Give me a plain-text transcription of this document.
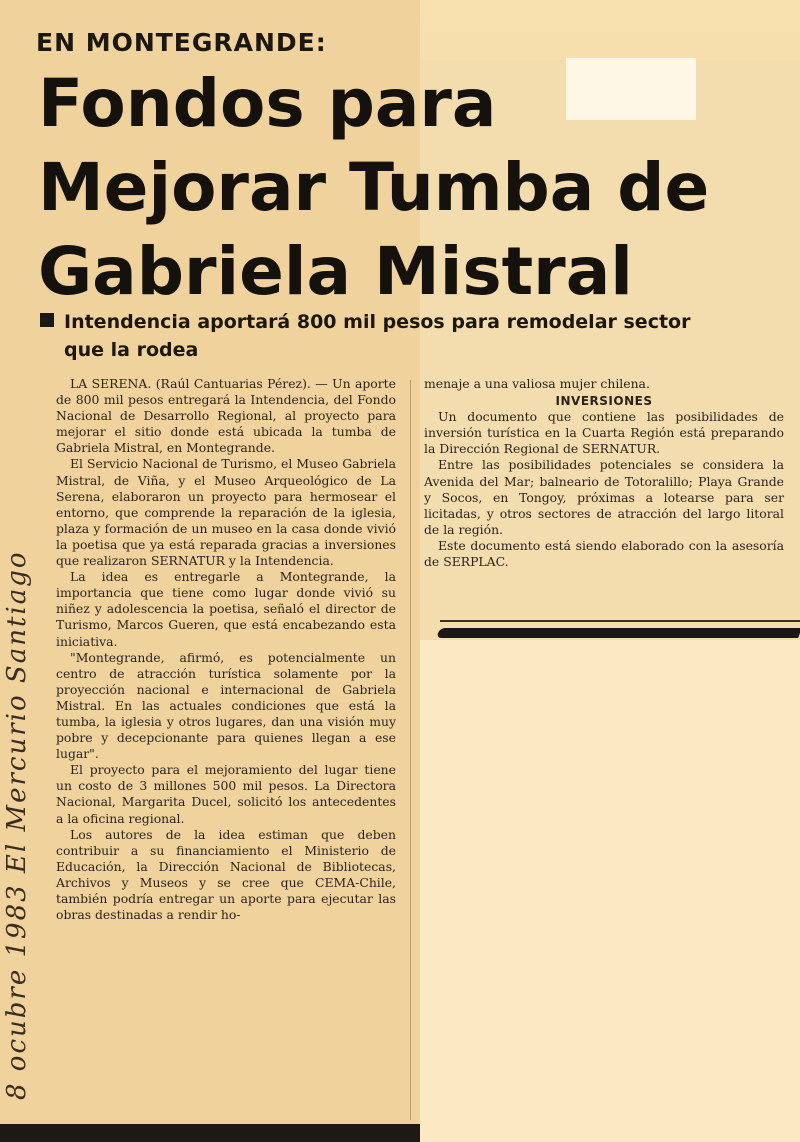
8 ocubre 1983 El Mercurio Santiago
EN MONTEGRANDE:
Fondos para
Mejorar Tumba de
Gabriela Mistral
Intendencia aportará 800 mil pesos para remodelar sector
que la rodea

LA SERENA. (Raúl Cantuarias Pérez). — Un aporte de 800 mil pesos entregará la Intendencia, del Fondo Nacional de Desarrollo Regional, al proyecto para mejorar el sitio donde está ubicada la tumba de Gabriela Mistral, en Montegrande.

El Servicio Nacional de Turismo, el Museo Gabriela Mistral, de Viña, y el Museo Arqueológico de La Serena, elaboraron un proyecto para hermosear el entorno, que comprende la reparación de la iglesia, plaza y formación de un museo en la casa donde vivió la poetisa que ya está reparada gracias a inversiones que realizaron SERNATUR y la Intendencia.

La idea es entregarle a Montegrande, la importancia que tiene como lugar donde vivió su niñez y adolescencia la poetisa, señaló el director de Turismo, Marcos Gueren, que está encabezando esta iniciativa.

"Montegrande, afirmó, es potencialmente un centro de atracción turística solamente por la proyección nacional e internacional de Gabriela Mistral. En las actuales condiciones que está la tumba, la iglesia y otros lugares, dan una visión muy pobre y decepcionante para quienes llegan a ese lugar".

El proyecto para el mejoramiento del lugar tiene un costo de 3 millones 500 mil pesos. La Directora Nacional, Margarita Ducel, solicitó los antecedentes a la oficina regional.

Los autores de la idea estiman que deben contribuir a su financiamiento el Ministerio de Educación, la Dirección Nacional de Bibliotecas, Archivos y Museos y se cree que CEMA-Chile, también podría entregar un aporte para ejecutar las obras destinadas a rendir ho-

menaje a una valiosa mujer chilena.

INVERSIONES

Un documento que contiene las posibilidades de inversión turística en la Cuarta Región está preparando la Dirección Regional de SERNATUR.

Entre las posibilidades potenciales se considera la Avenida del Mar; balneario de Totoralillo; Playa Grande y Socos, en Tongoy, próximas a lotearse para ser licitadas, y otros sectores de atracción del largo litoral de la región.

Este documento está siendo elaborado con la asesoría de SERPLAC.
